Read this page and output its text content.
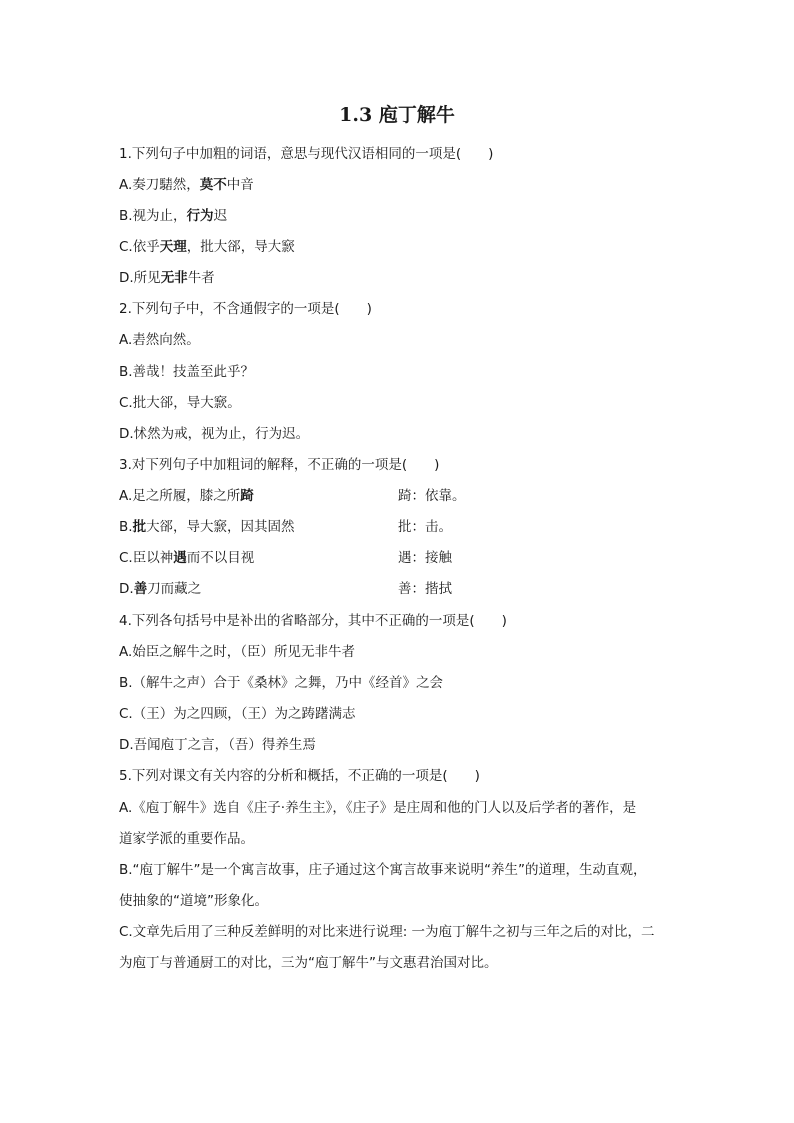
1.3 庖丁解牛
1.下列句子中加粗的词语，意思与现代汉语相同的一项是(　　)
A.奏刀騞然，莫不中音
B.视为止，行为迟
C.依乎天理，批大郤，导大窾
D.所见无非牛者
2.下列句子中，不含通假字的一项是(　　)
A.砉然向然。
B.善哉！技盖至此乎？
C.批大郤，导大窾。
D.怵然为戒，视为止，行为迟。
3.对下列句子中加粗词的解释，不正确的一项是(　　)
A.足之所履，膝之所踦	踦：依靠。
B.批大郤，导大窾，因其固然	批：击。
C.臣以神遇而不以目视	遇：接触
D.善刀而藏之	善：揩拭
4.下列各句括号中是补出的省略部分，其中不正确的一项是(　　)
A.始臣之解牛之时，（臣）所见无非牛者
B.（解牛之声）合于《桑林》之舞，乃中《经首》之会
C.（王）为之四顾，（王）为之踌躇满志
D.吾闻庖丁之言，（吾）得养生焉
5.下列对课文有关内容的分析和概括，不正确的一项是(　　)
A.《庖丁解牛》选自《庄子·养生主》，《庄子》是庄周和他的门人以及后学者的著作，是
道家学派的重要作品。
B.“庖丁解牛”是一个寓言故事，庄子通过这个寓言故事来说明“养生”的道理，生动直观，
使抽象的“道境”形象化。
C.文章先后用了三种反差鲜明的对比来进行说理: 一为庖丁解牛之初与三年之后的对比，二
为庖丁与普通厨工的对比，三为“庖丁解牛”与文惠君治国对比。
